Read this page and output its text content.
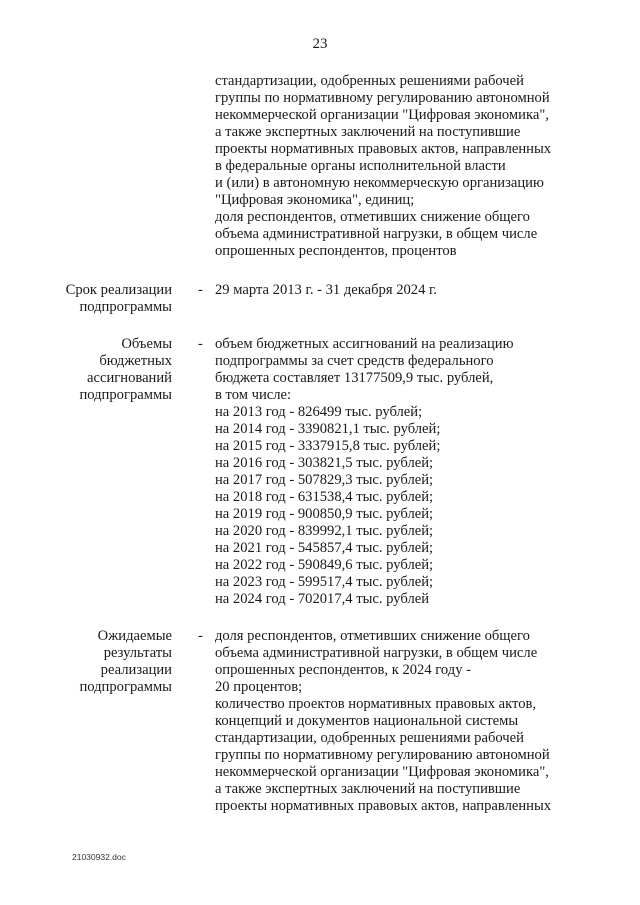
23

стандартизации, одобренных решениями рабочей

группы по нормативному регулированию автономной

некоммерческой организации "Цифровая экономика",

а также экспертных заключений на поступившие

проекты нормативных правовых актов, направленных

в федеральные органы исполнительной власти

и (или) в автономную некоммерческую организацию

"Цифровая экономика", единиц;

доля респондентов, отметивших снижение общего

объема административной нагрузки, в общем числе

опрошенных респондентов, процентов

Срок реализации
подпрограммы
- 29 марта 2013 г. - 31 декабря 2024 г.

Объемы
бюджетных
ассигнований
подпрограммы
- объем бюджетных ассигнований на реализацию

подпрограммы за счет средств федерального

бюджета составляет 13177509,9 тыс. рублей,

в том числе:

на 2013 год - 826499 тыс. рублей;

на 2014 год - 3390821,1 тыс. рублей;

на 2015 год - 3337915,8 тыс. рублей;

на 2016 год - 303821,5 тыс. рублей;

на 2017 год - 507829,3 тыс. рублей;

на 2018 год - 631538,4 тыс. рублей;

на 2019 год - 900850,9 тыс. рублей;

на 2020 год - 839992,1 тыс. рублей;

на 2021 год - 545857,4 тыс. рублей;

на 2022 год - 590849,6 тыс. рублей;

на 2023 год - 599517,4 тыс. рублей;

на 2024 год - 702017,4 тыс. рублей

Ожидаемые
результаты
реализации
подпрограммы
- доля респондентов, отметивших снижение общего

объема административной нагрузки, в общем числе

опрошенных респондентов, к 2024 году -

20 процентов;

количество проектов нормативных правовых актов,

концепций и документов национальной системы

стандартизации, одобренных решениями рабочей

группы по нормативному регулированию автономной

некоммерческой организации "Цифровая экономика",

а также экспертных заключений на поступившие

проекты нормативных правовых актов, направленных

21030932.doc
